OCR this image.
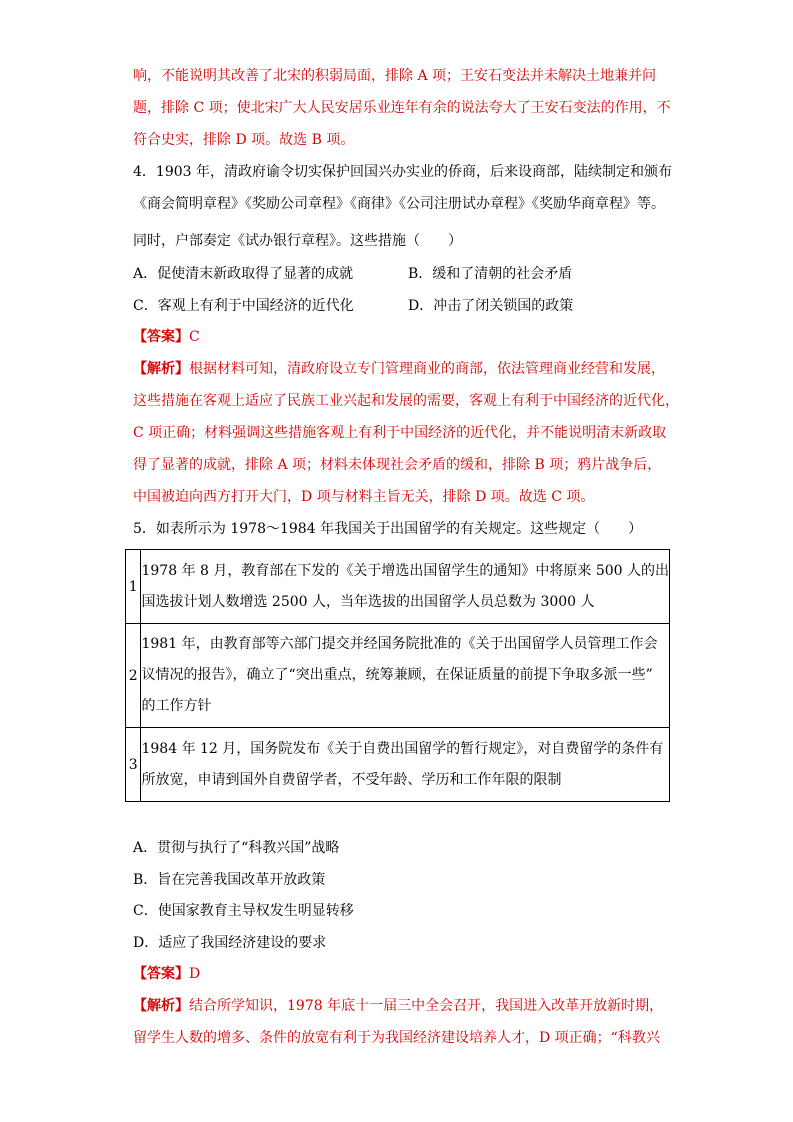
响，不能说明其改善了北宋的积弱局面，排除 A 项；王安石变法并未解决土地兼并问
题，排除 C 项；使北宋广大人民安居乐业连年有余的说法夸大了王安石变法的作用，不
符合史实，排除 D 项。故选 B 项。
4．1903 年，清政府谕令切实保护回国兴办实业的侨商，后来设商部，陆续制定和颁布
《商会简明章程》《奖励公司章程》《商律》《公司注册试办章程》《奖励华商章程》等。
同时，户部奏定《试办银行章程》。这些措施（　　）
A．促使清末新政取得了显著的成就	B．缓和了清朝的社会矛盾
C．客观上有利于中国经济的近代化	D．冲击了闭关锁国的政策
【答案】C
【解析】根据材料可知，清政府设立专门管理商业的商部，依法管理商业经营和发展，
这些措施在客观上适应了民族工业兴起和发展的需要，客观上有利于中国经济的近代化，
C 项正确；材料强调这些措施客观上有利于中国经济的近代化，并不能说明清末新政取
得了显著的成就，排除 A 项；材料未体现社会矛盾的缓和，排除 B 项；鸦片战争后，
中国被迫向西方打开大门，D 项与材料主旨无关，排除 D 项。故选 C 项。
5．如表所示为 1978～1984 年我国关于出国留学的有关规定。这些规定（　　）
1	1978 年 8 月，教育部在下发的《关于增选出国留学生的通知》中将原来 500 人的出
国选拔计划人数增选 2500 人，当年选拔的出国留学人员总数为 3000 人

2	1981 年，由教育部等六部门提交并经国务院批准的《关于出国留学人员管理工作会
议情况的报告》，确立了“突出重点，统筹兼顾，在保证质量的前提下争取多派一些”
的工作方针

3	1984 年 12 月，国务院发布《关于自费出国留学的暂行规定》，对自费留学的条件有
所放宽，申请到国外自费留学者，不受年龄、学历和工作年限的限制
A．贯彻与执行了“科教兴国”战略
B．旨在完善我国改革开放政策
C．使国家教育主导权发生明显转移
D．适应了我国经济建设的要求
【答案】D
【解析】结合所学知识，1978 年底十一届三中全会召开，我国进入改革开放新时期，
留学生人数的增多、条件的放宽有利于为我国经济建设培养人才，D 项正确；“科教兴
